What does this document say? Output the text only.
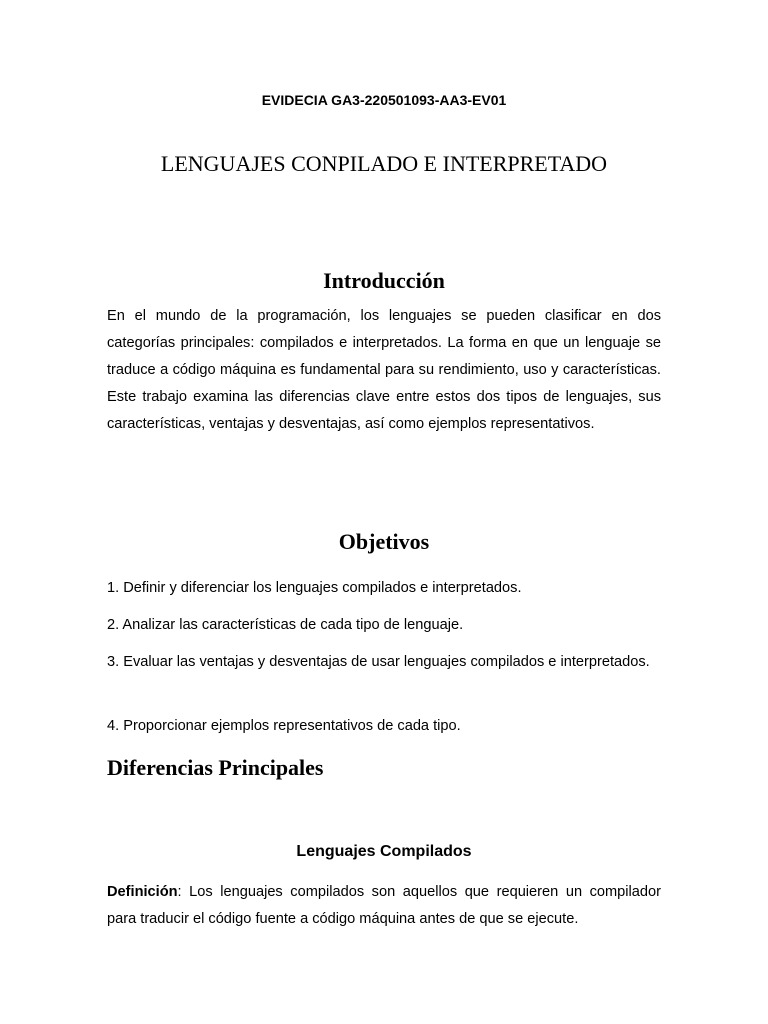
EVIDECIA GA3-220501093-AA3-EV01
LENGUAJES CONPILADO E INTERPRETADO
Introducción

En el mundo de la programación, los lenguajes se pueden clasificar en dos categorías principales: compilados e interpretados. La forma en que un lenguaje se traduce a código máquina es fundamental para su rendimiento, uso y características. Este trabajo examina las diferencias clave entre estos dos tipos de lenguajes, sus características, ventajas y desventajas, así como ejemplos representativos.

Objetivos

1. Definir y diferenciar los lenguajes compilados e interpretados.

2. Analizar las características de cada tipo de lenguaje.

3. Evaluar las ventajas y desventajas de usar lenguajes compilados e interpretados.

4. Proporcionar ejemplos representativos de cada tipo.

Diferencias Principales
Lenguajes Compilados

Definición: Los lenguajes compilados son aquellos que requieren un compilador para traducir el código fuente a código máquina antes de que se ejecute.
